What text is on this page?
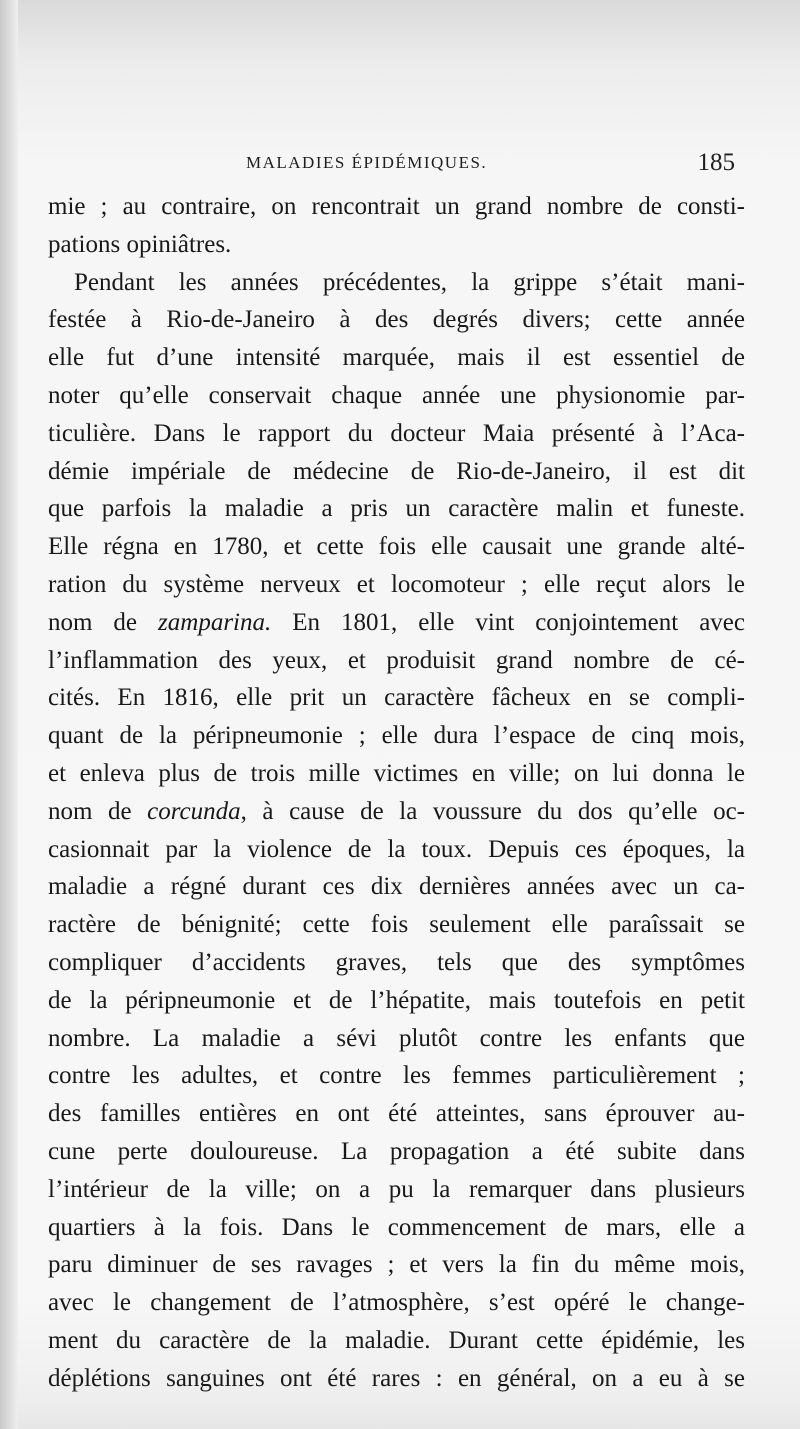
MALADIES ÉPIDÉMIQUES.	185
mie ; au contraire, on rencontrait un grand nombre de consti-
pations opiniâtres.
Pendant les années précédentes, la grippe s’était mani-
festée à Rio-de-Janeiro à des degrés divers; cette année
elle fut d’une intensité marquée, mais il est essentiel de
noter qu’elle conservait chaque année une physionomie par-
ticulière. Dans le rapport du docteur Maia présenté à l’Aca-
démie impériale de médecine de Rio-de-Janeiro, il est dit
que parfois la maladie a pris un caractère malin et funeste.
Elle régna en 1780, et cette fois elle causait une grande alté-
ration du système nerveux et locomoteur ; elle reçut alors le
nom de zamparina. En 1801, elle vint conjointement avec
l’inflammation des yeux, et produisit grand nombre de cé-
cités. En 1816, elle prit un caractère fâcheux en se compli-
quant de la péripneumonie ; elle dura l’espace de cinq mois,
et enleva plus de trois mille victimes en ville; on lui donna le
nom de corcunda, à cause de la voussure du dos qu’elle oc-
casionnait par la violence de la toux. Depuis ces époques, la
maladie a régné durant ces dix dernières années avec un ca-
ractère de bénignité; cette fois seulement elle paraîssait se
compliquer d’accidents graves, tels que des symptômes
de la péripneumonie et de l’hépatite, mais toutefois en petit
nombre. La maladie a sévi plutôt contre les enfants que
contre les adultes, et contre les femmes particulièrement ;
des familles entières en ont été atteintes, sans éprouver au-
cune perte douloureuse. La propagation a été subite dans
l’intérieur de la ville; on a pu la remarquer dans plusieurs
quartiers à la fois. Dans le commencement de mars, elle a
paru diminuer de ses ravages ; et vers la fin du même mois,
avec le changement de l’atmosphère, s’est opéré le change-
ment du caractère de la maladie. Durant cette épidémie, les
déplétions sanguines ont été rares : en général, on a eu à se
